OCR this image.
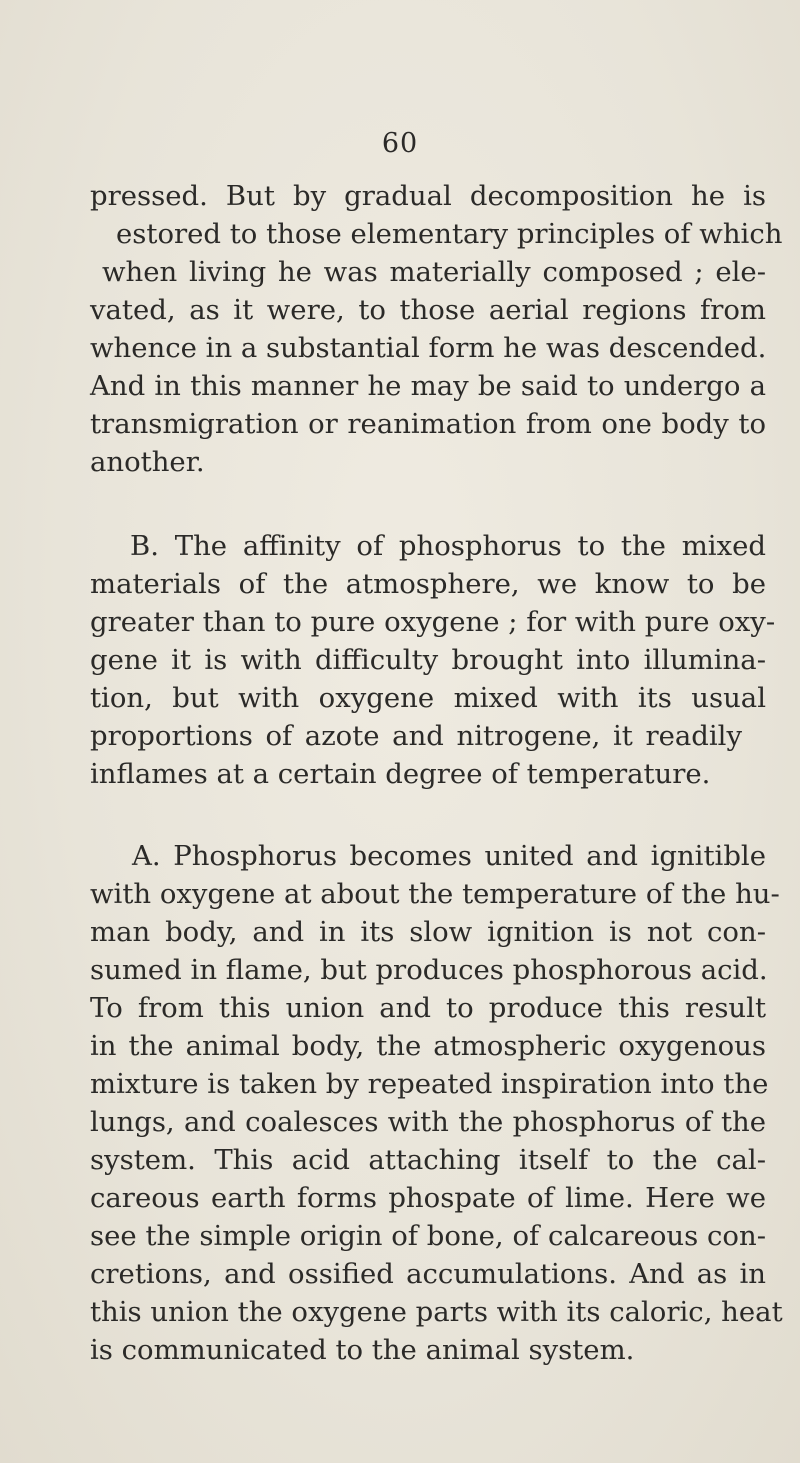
60
pressed. But by gradual decomposition he is
estored to those elementary principles of which
when living he was materially composed ; ele-
vated, as it were, to those aerial regions from
whence in a substantial form he was descended.
And in this manner he may be said to undergo a
transmigration or reanimation from one body to
another.
B. The affinity of phosphorus to the mixed
materials of the atmosphere, we know to be
greater than to pure oxygene ; for with pure oxy-
gene it is with difficulty brought into illumina-
tion, but with oxygene mixed with its usual
proportions of azote and nitrogene, it readily
inflames at a certain degree of temperature.
A. Phosphorus becomes united and ignitible
with oxygene at about the temperature of the hu-
man body, and in its slow ignition is not con-
sumed in flame, but produces phosphorous acid.
To from this union and to produce this result
in the animal body, the atmospheric oxygenous
mixture is taken by repeated inspiration into the
lungs, and coalesces with the phosphorus of the
system. This acid attaching itself to the cal-
careous earth forms phospate of lime. Here we
see the simple origin of bone, of calcareous con-
cretions, and ossified accumulations. And as in
this union the oxygene parts with its caloric, heat
is communicated to the animal system.
